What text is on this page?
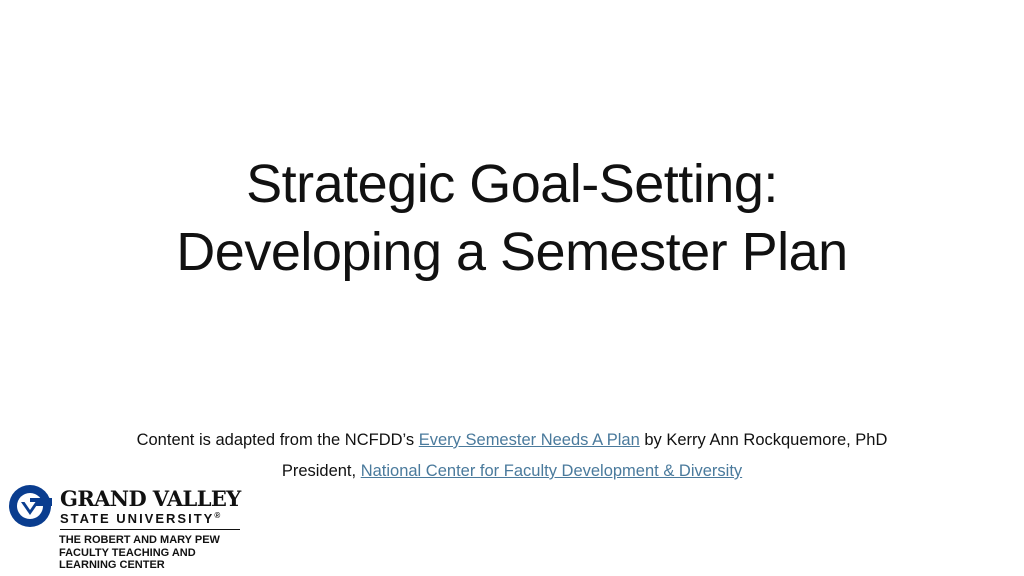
Strategic Goal-Setting:
Developing a Semester Plan
Content is adapted from the NCFDD’s Every Semester Needs A Plan by Kerry Ann Rockquemore, PhD
President, National Center for Faculty Development & Diversity
GRAND VALLEY
STATE UNIVERSITY®
THE ROBERT AND MARY PEW
FACULTY TEACHING AND
LEARNING CENTER
